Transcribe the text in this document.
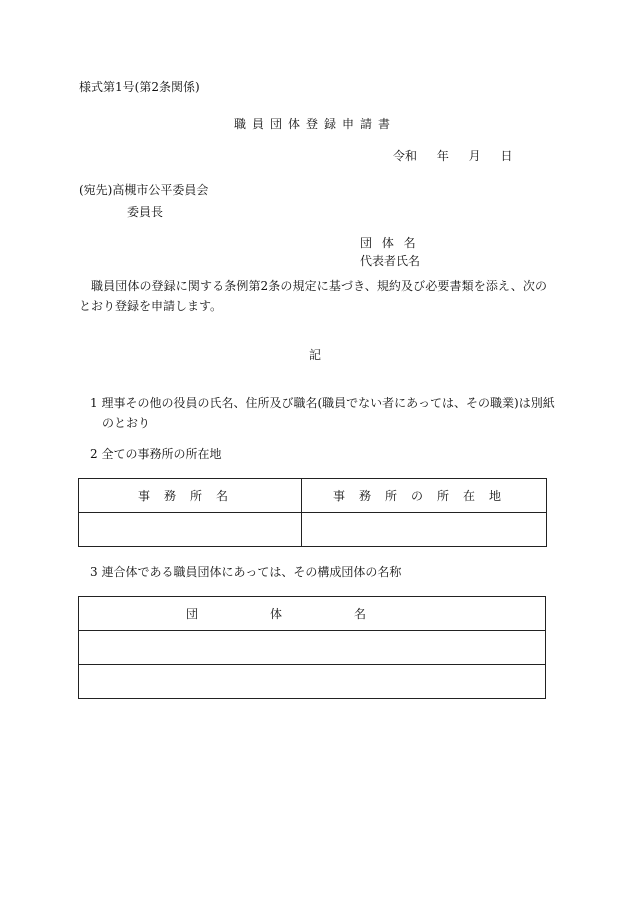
様式第1号(第2条関係)
職員団体登録申請書
令和 年 月 日
(宛先)高槻市公平委員会
委員長
団 体 名
代表者氏名
職員団体の登録に関する条例第2条の規定に基づき、規約及び必要書類を添え、次のとおり登録を申請します。
記
1 理事その他の役員の氏名、住所及び職名(職員でない者にあっては、その職業)は別紙のとおり
2 全ての事務所の所在地
事務所名	事務所の所在地

3 連合体である職員団体にあっては、その構成団体の名称
団体名
